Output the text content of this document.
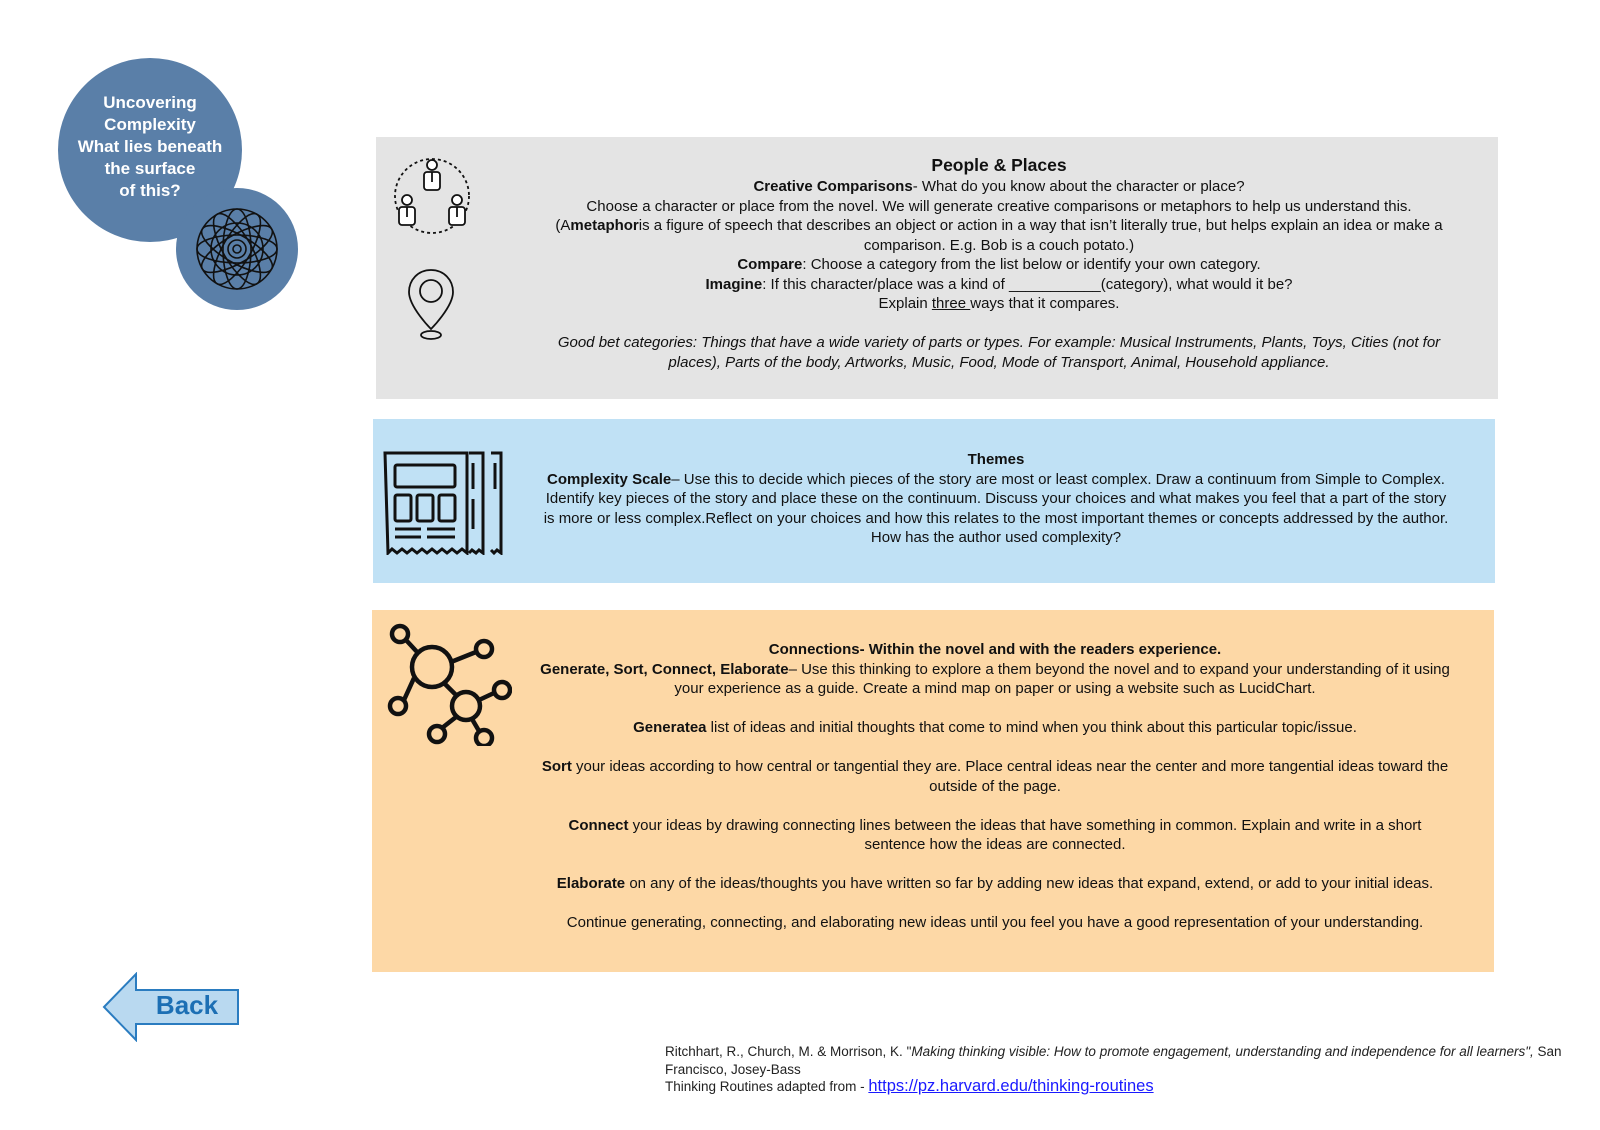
Uncovering
Complexity
What lies beneath
the surface
of this?

People & Places

Creative Comparisons- What do you know about the character or place?

Choose a character or place from the novel. We will generate creative comparisons or metaphors to help us understand this.

(Ametaphoris a figure of speech that describes an object or action in a way that isn’t literally true, but helps explain an idea or make a

comparison. E.g. Bob is a couch potato.)

Compare: Choose a category from the list below or identify your own category.

Imagine: If this character/place was a kind of ___________(category), what would it be?

Explain three ways that it compares.

Good bet categories: Things that have a wide variety of parts or types. For example: Musical Instruments, Plants, Toys, Cities (not for

places), Parts of the body, Artworks, Music, Food, Mode of Transport, Animal, Household appliance.

Themes

Complexity Scale– Use this to decide which pieces of the story are most or least complex. Draw a continuum from Simple to Complex.

Identify key pieces of the story and place these on the continuum. Discuss your choices and what makes you feel that a part of the story

is more or less complex.Reflect on your choices and how this relates to the most important themes or concepts addressed by the author.

How has the author used complexity?

Connections- Within the novel and with the readers experience.

Generate, Sort, Connect, Elaborate– Use this thinking to explore a them beyond the novel and to expand your understanding of it using

your experience as a guide. Create a mind map on paper or using a website such as LucidChart.

Generatea list of ideas and initial thoughts that come to mind when you think about this particular topic/issue.

Sort your ideas according to how central or tangential they are. Place central ideas near the center and more tangential ideas toward the

outside of the page.

Connect your ideas by drawing connecting lines between the ideas that have something in common. Explain and write in a short

sentence how the ideas are connected.

Elaborate on any of the ideas/thoughts you have written so far by adding new ideas that expand, extend, or add to your initial ideas.

Continue generating, connecting, and elaborating new ideas until you feel you have a good representation of your understanding.

Back

Ritchhart, R., Church, M. & Morrison, K. "Making thinking visible: How to promote engagement, understanding and independence for all learners", San Francisco, Josey-Bass

Thinking Routines adapted from - https://pz.harvard.edu/thinking-routines
